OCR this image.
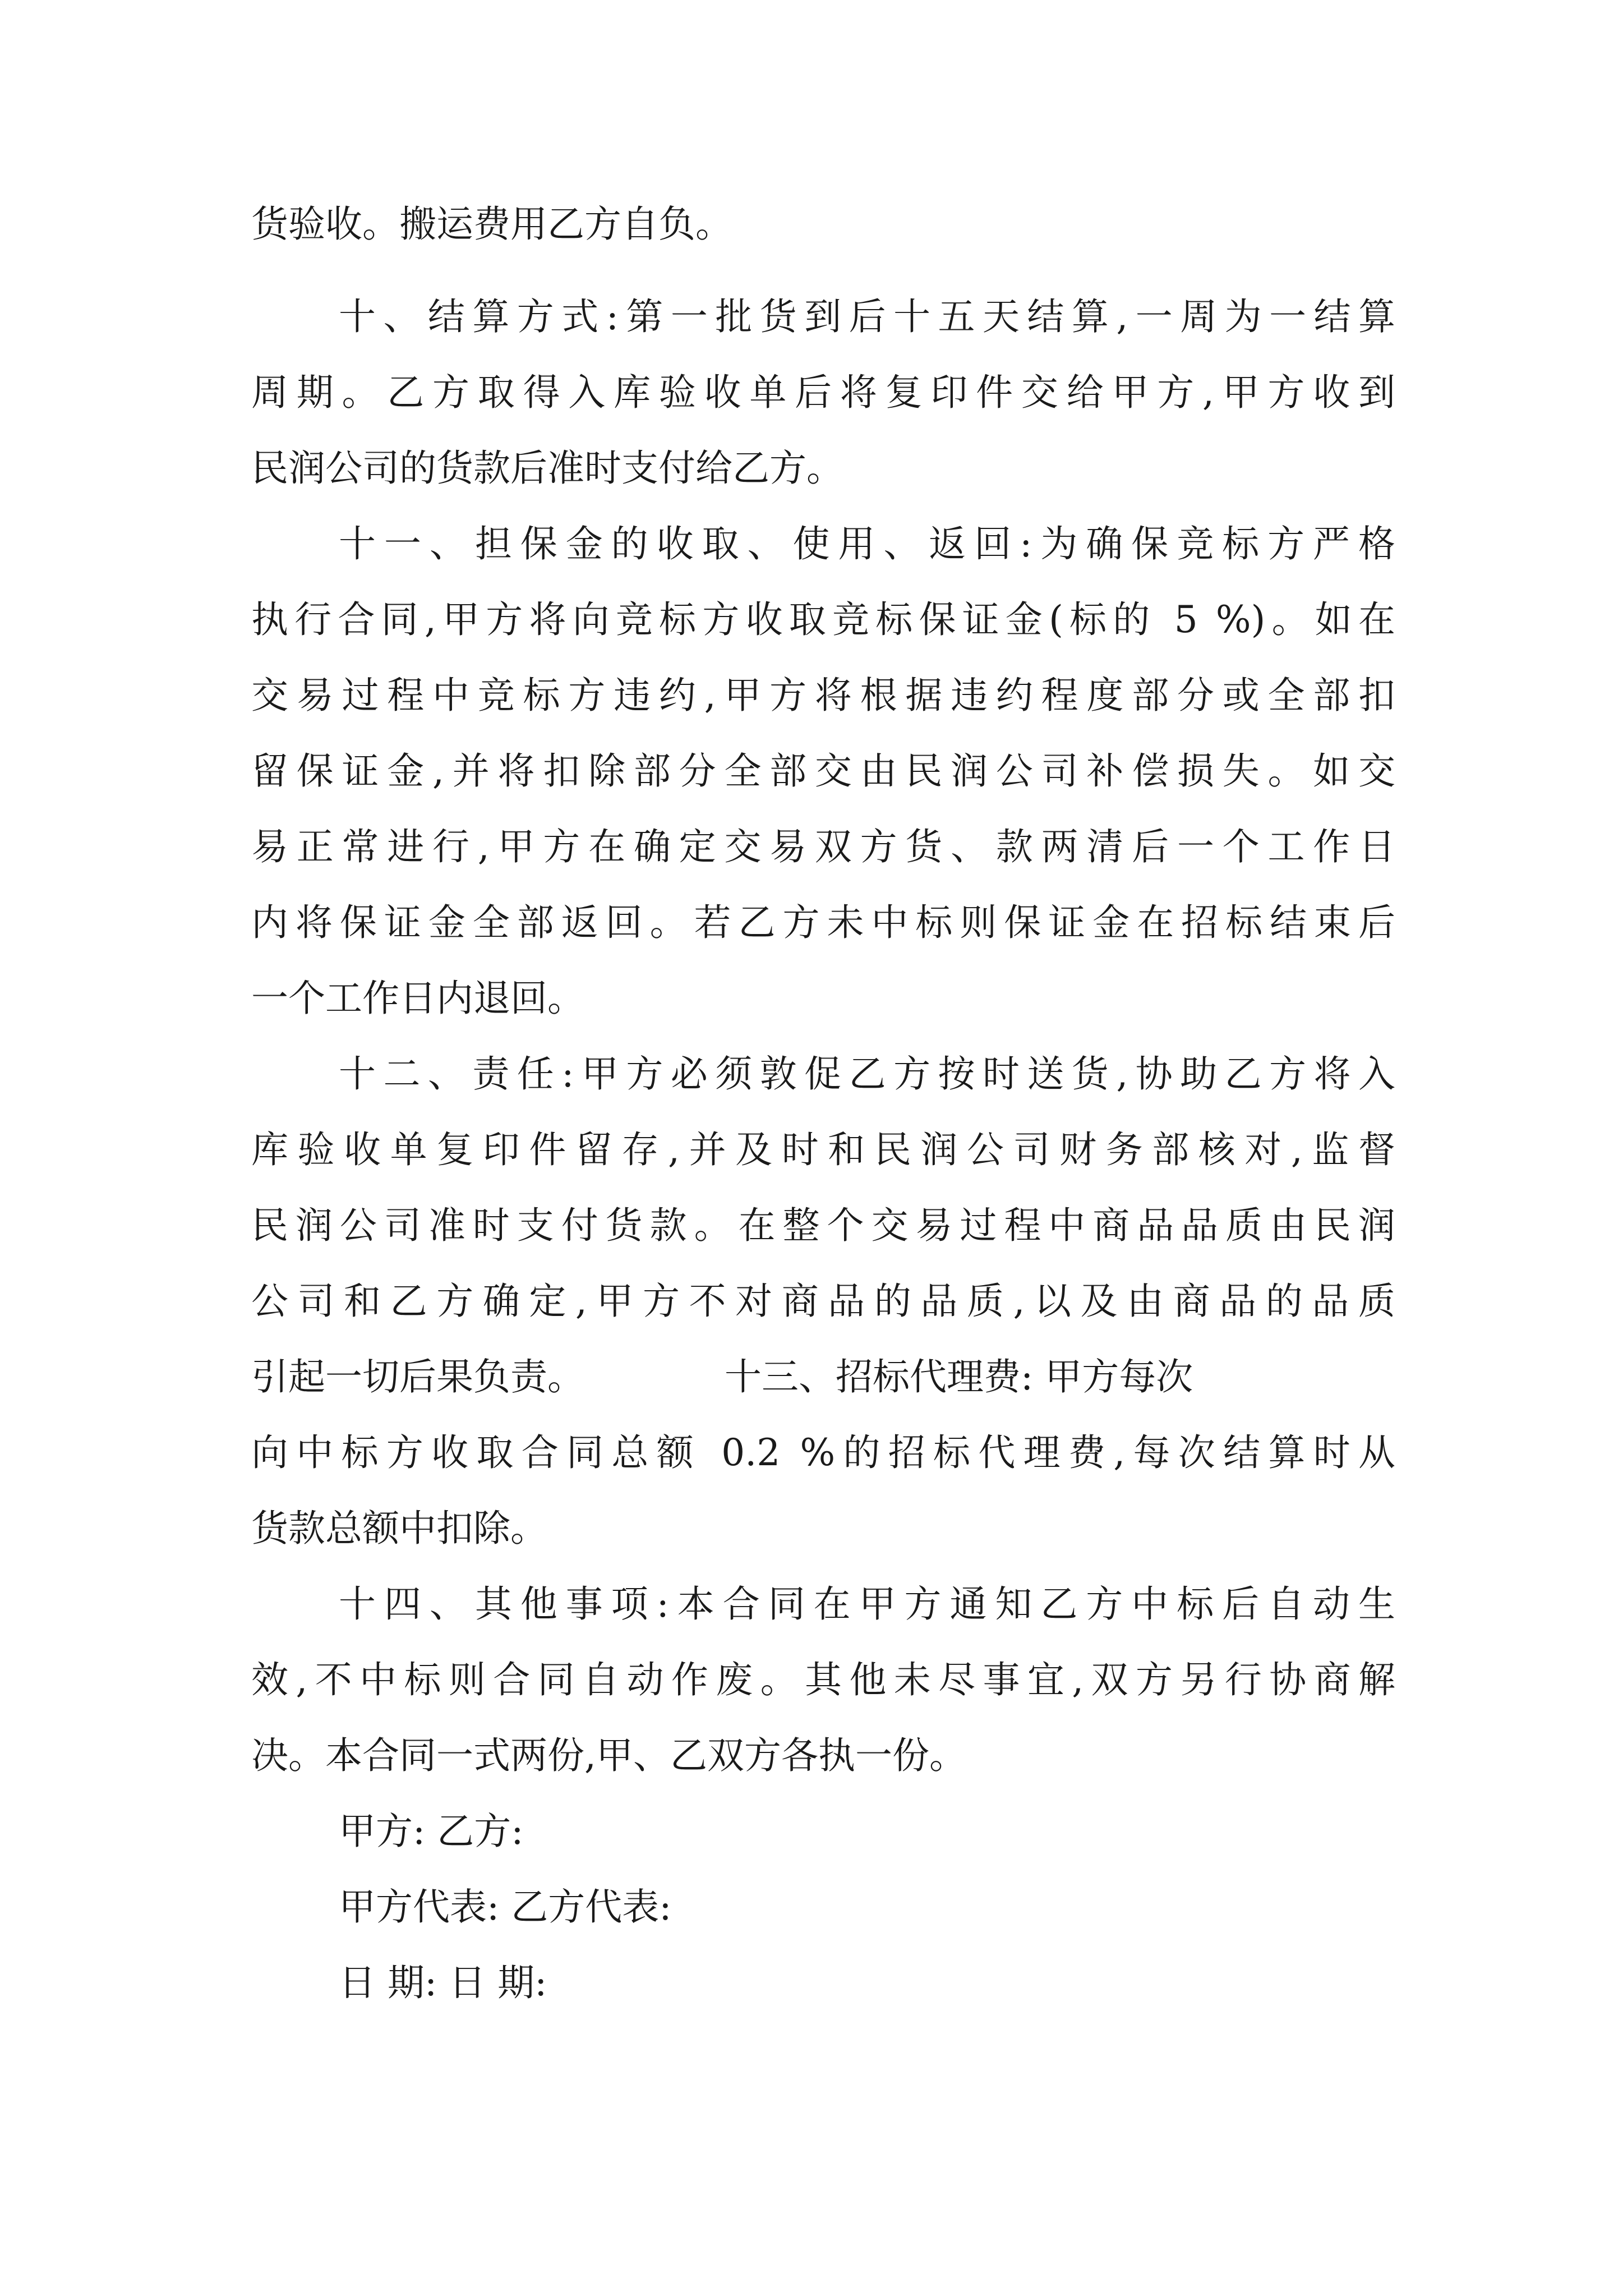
货验收。搬运费用乙方自负。
十、结算方式:第一批货到后十五天结算,一周为一结算
周期。乙方取得入库验收单后将复印件交给甲方,甲方收到
民润公司的货款后准时支付给乙方。
十一、担保金的收取、使用、返回:为确保竞标方严格
执行合同,甲方将向竞标方收取竞标保证金(标的 5 %)。如在
交易过程中竞标方违约,甲方将根据违约程度部分或全部扣
留保证金,并将扣除部分全部交由民润公司补偿损失。如交
易正常进行,甲方在确定交易双方货、款两清后一个工作日
内将保证金全部返回。若乙方未中标则保证金在招标结束后
一个工作日内退回。
十二、责任:甲方必须敦促乙方按时送货,协助乙方将入
库验收单复印件留存,并及时和民润公司财务部核对,监督
民润公司准时支付货款。在整个交易过程中商品品质由民润
公司和乙方确定,甲方不对商品的品质,以及由商品的品质
引起一切后果负责。	十三、招标代理费: 甲方每次
向中标方收取合同总额 0.2 %的招标代理费,每次结算时从
货款总额中扣除。
十四、其他事项:本合同在甲方通知乙方中标后自动生
效,不中标则合同自动作废。其他未尽事宜,双方另行协商解
决。本合同一式两份,甲、乙双方各执一份。
甲方: 乙方:
甲方代表: 乙方代表:
日 期: 日 期:
